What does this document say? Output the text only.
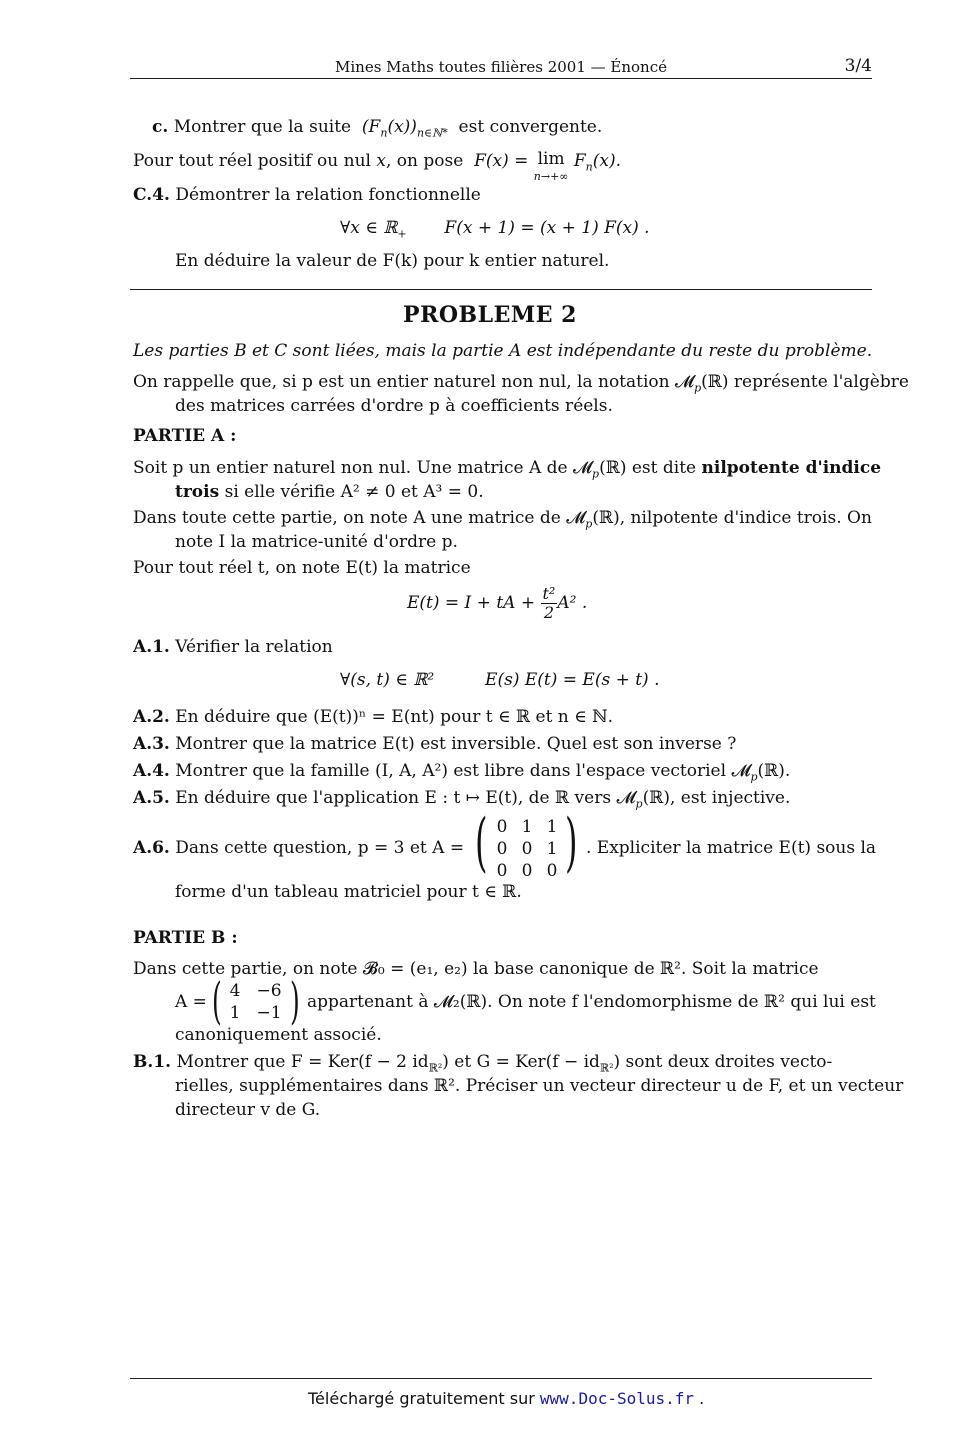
Mines Maths toutes filières 2001 — Énoncé	3/4
c. Montrer que la suite  $(F_n(x))_{n\in ℕ*}$ est convergente.
Pour tout réel positif ou nul x, on pose  F(x) = lim
n→+∞ $F_n(x)$.
C.4. Démontrer la relation fonctionnelle
∀x ∈ ℝ$_+$       F(x + 1) = (x + 1) F(x) .
En déduire la valeur de F(k) pour k entier naturel.
PROBLEME 2
Les parties B et C sont liées, mais la partie A est indépendante du reste du problème.
On rappelle que, si p est un entier naturel non nul, la notation 𝓜$_p$(ℝ) représente l'algèbre
des matrices carrées d'ordre p à coefficients réels.
PARTIE A :
Soit p un entier naturel non nul. Une matrice A de 𝓜$_p$(ℝ) est dite nilpotente d'indice
trois si elle vérifie A² ≠ 0 et A³ = 0.
Dans toute cette partie, on note A une matrice de 𝓜$_p$(ℝ), nilpotente d'indice trois. On
note I la matrice-unité d'ordre p.
Pour tout réel t, on note E(t) la matrice
E(t) = I + tA + $\frac{\text{t²}}{2} A^2$ .
A.1. Vérifier la relation
∀(s, t) ∈ ℝ²	E(s) E(t) = E(s + t) .
A.2. En déduire que (E(t))ⁿ = E(nt) pour t ∈ ℝ et n ∈ ℕ.
A.3. Montrer que la matrice E(t) est inversible. Quel est son inverse ?
A.4. Montrer que la famille (I, A, A²) est libre dans l'espace vectoriel 𝓜$_p$(ℝ).
A.5. En déduire que l'application E : t ↦ E(t), de ℝ vers 𝓜$_p$(ℝ), est injective.
A.6. Dans cette question, p = 3 et A = ( )
0 1 1
0 0 1
0 0 0
. Expliciter la matrice E(t) sous la
forme d'un tableau matriciel pour t ∈ ℝ.
PARTIE B :
Dans cette partie, on note 𝓑₀ = (e₁, e₂) la base canonique de ℝ². Soit la matrice
A = ( )
4 −6
1 −1
appartenant à 𝓜₂(ℝ). On note f l'endomorphisme de ℝ² qui lui est
canoniquement associé.
B.1. Montrer que F = Ker(f − 2 $id_{ℝ^2}$) et $G = Ker(f - id_{ℝ^2})$ sont deux droites vecto-
rielles, supplémentaires dans ℝ². Préciser un vecteur directeur u de F, et un vecteur
directeur v de G.
Téléchargé gratuitement sur www.Doc-Solus.fr .
